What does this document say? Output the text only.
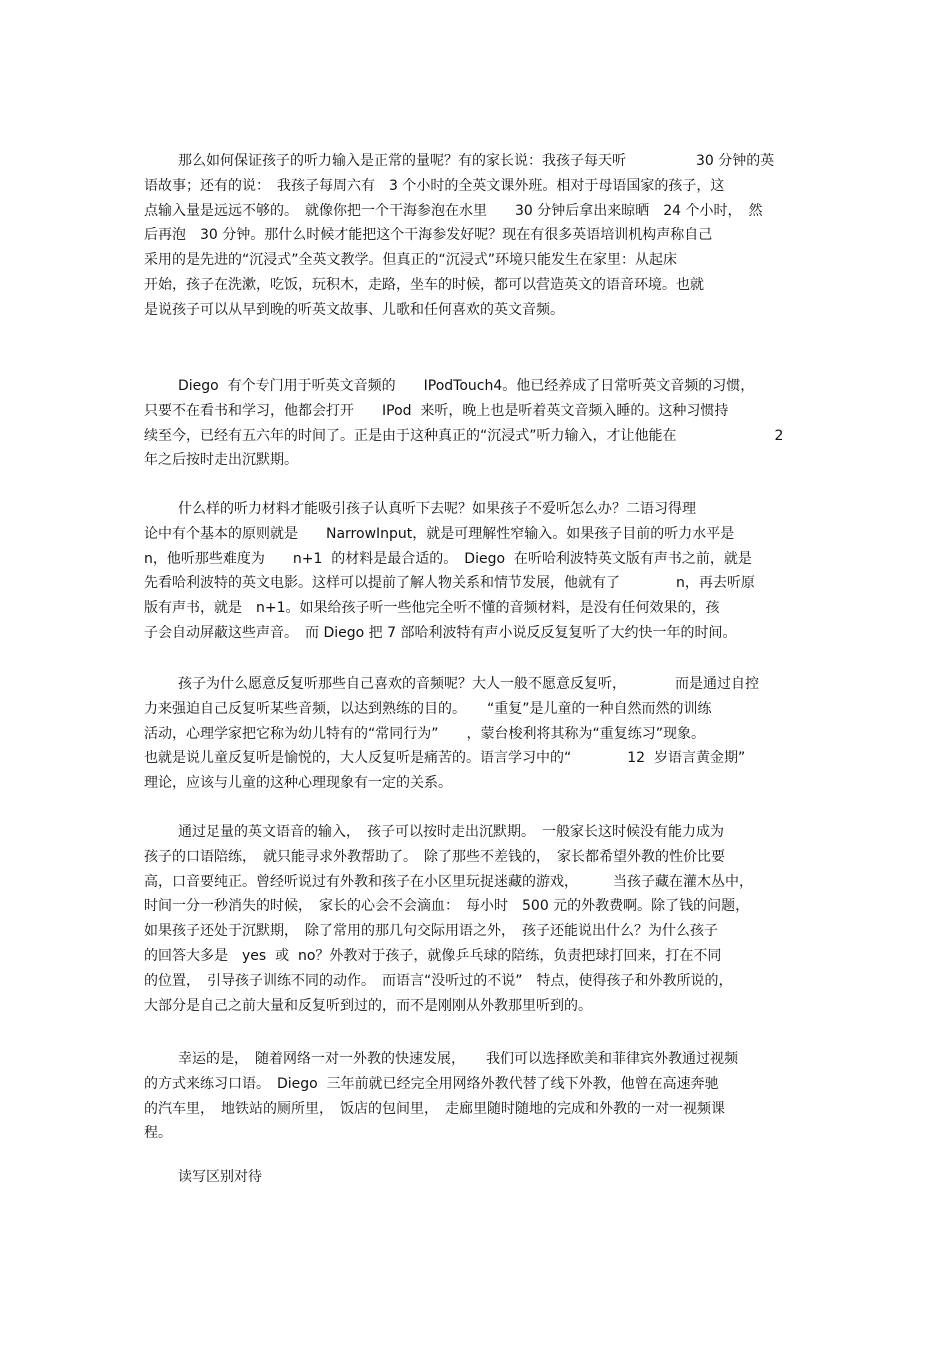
那么如何保证孩子的听力输入是正常的量呢？有的家长说：我孩子每天听　　　　　30 分钟的英
语故事；还有的说：　我孩子每周六有　3 个小时的全英文课外班。相对于母语国家的孩子，这
点输入量是远远不够的。　就像你把一个干海参泡在水里　　30 分钟后拿出来晾晒　24 个小时，　然
后再泡　30 分钟。那什么时候才能把这个干海参发好呢？现在有很多英语培训机构声称自己
采用的是先进的“沉浸式”全英文教学。但真正的“沉浸式”环境只能发生在家里：从起床
开始，孩子在洗漱，吃饭，玩积木，走路，坐车的时候，都可以营造英文的语音环境。也就
是说孩子可以从早到晚的听英文故事、儿歌和任何喜欢的英文音频。
Diego  有个专门用于听英文音频的　　IPodTouch4。他已经养成了日常听英文音频的习惯，
只要不在看书和学习，他都会打开　　IPod  来听，晚上也是听着英文音频入睡的。这种习惯持
续至今，已经有五六年的时间了。正是由于这种真正的“沉浸式”听力输入，才让他能在　　　　　　　2
年之后按时走出沉默期。
什么样的听力材料才能吸引孩子认真听下去呢？如果孩子不爱听怎么办？二语习得理
论中有个基本的原则就是　　NarrowInput，就是可理解性窄输入。如果孩子目前的听力水平是
n，他听那些难度为　　n+1  的材料是最合适的。　Diego  在听哈利波特英文版有声书之前，就是
先看哈利波特的英文电影。这样可以提前了解人物关系和情节发展，他就有了　　　　n，再去听原
版有声书，就是　n+1。如果给孩子听一些他完全听不懂的音频材料，是没有任何效果的，孩
子会自动屏蔽这些声音。　而 Diego 把 7 部哈利波特有声小说反反复复听了大约快一年的时间。
孩子为什么愿意反复听那些自己喜欢的音频呢？大人一般不愿意反复听，　　　　而是通过自控
力来强迫自己反复听某些音频，以达到熟练的目的。　　“重复”是儿童的一种自然而然的训练
活动，心理学家把它称为幼儿特有的“常同行为”　　，蒙台梭利将其称为“重复练习”现象。
也就是说儿童反复听是愉悦的，大人反复听是痛苦的。语言学习中的“　　　　12  岁语言黄金期”
理论，应该与儿童的这种心理现象有一定的关系。
通过足量的英文语音的输入，　孩子可以按时走出沉默期。　一般家长这时候没有能力成为
孩子的口语陪练，　就只能寻求外教帮助了。　除了那些不差钱的，　家长都希望外教的性价比要
高，口音要纯正。曾经听说过有外教和孩子在小区里玩捉迷藏的游戏，　　　当孩子藏在灌木丛中，
时间一分一秒消失的时候，　家长的心会不会滴血：　每小时　500 元的外教费啊。除了钱的问题，
如果孩子还处于沉默期，　除了常用的那几句交际用语之外，　孩子还能说出什么？为什么孩子
的回答大多是　yes  或  no？外教对于孩子，就像乒乓球的陪练，负责把球打回来，打在不同
的位置，　引导孩子训练不同的动作。　而语言“没听过的不说”　特点，使得孩子和外教所说的，
大部分是自己之前大量和反复听到过的，而不是刚刚从外教那里听到的。
幸运的是，　随着网络一对一外教的快速发展，　　我们可以选择欧美和菲律宾外教通过视频
的方式来练习口语。　Diego  三年前就已经完全用网络外教代替了线下外教，他曾在高速奔驰
的汽车里，　地铁站的厕所里，　饭店的包间里，　走廊里随时随地的完成和外教的一对一视频课
程。
读写区别对待
